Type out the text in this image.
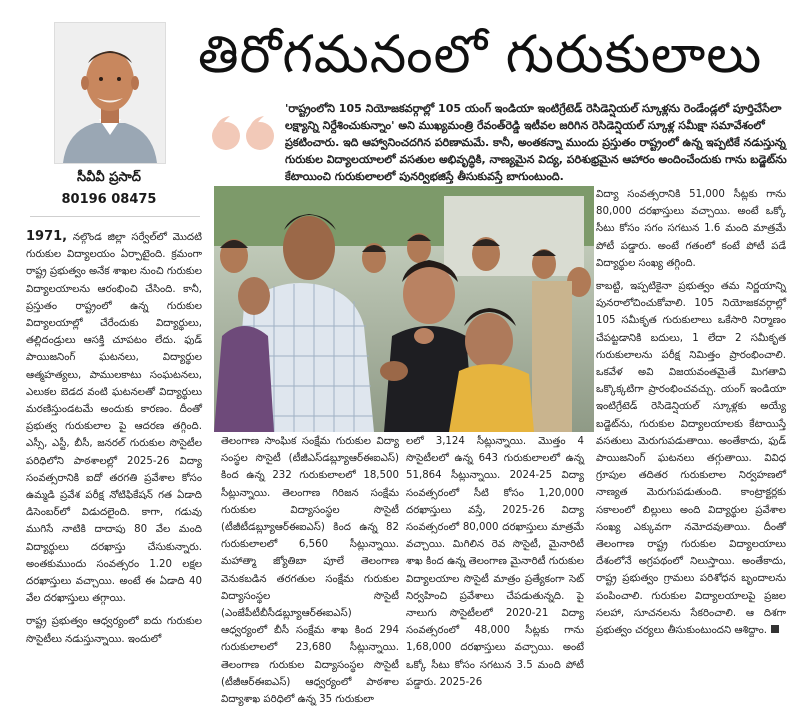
తిరోగమనంలో గురుకులాలు
సీవీవీ ప్రసాద్
80196 08475
'రాష్ట్రంలోని 105 నియోజకవర్గాల్లో 105 యంగ్ ఇండియా ఇంటిగ్రేటెడ్ రెసిడెన్షియల్ స్కూళ్లను రెండేండ్లలో పూర్తిచేసేలా లక్ష్యాన్ని నిర్దేశించుకున్నాం' అని ముఖ్యమంత్రి రేవంత్‌రెడ్డి ఇటీవల జరిగిన రెసిడెన్షియల్ స్కూళ్ల సమీక్షా సమావేశంలో ప్రకటించారు. ఇది ఆహ్వానించదగిన పరిణామమే. కానీ, అంతకన్నా ముందు ప్రస్తుతం రాష్ట్రంలో ఉన్న ఇప్పటికే నడుస్తున్న గురుకుల విద్యాలయాలలో వసతుల అభివృద్ధికి, నాణ్యమైన విద్య, పరిశుభ్రమైన ఆహారం అందించేందుకు గాను బడ్జెట్‌ను కేటాయించి గురుకులాలలో పునర్విభజిస్తే తీసుకువస్తే బాగుంటుంది.

1971, నల్గొండ జిల్లా సర్వేల్‌లో మొదటి గురుకుల విద్యాలయం ఏర్పాటైంది. క్రమంగా రాష్ట్ర ప్రభుత్వం అనేక శాఖల నుంచి గురుకుల విద్యాలయాలను ఆరంభించి చేసింది. కానీ, ప్రస్తుతం రాష్ట్రంలో ఉన్న గురుకుల విద్యాలయాల్లో చేరేందుకు విద్యార్థులు, తల్లిదండ్రులు ఆసక్తి చూపటం లేదు. ఫుడ్ పాయిజనింగ్ ఘటనలు, విద్యార్థుల ఆత్మహత్యలు, పాములకాటు సంఘటనలు, ఎలుకల బెడద వంటి ఘటనలతో విద్యార్థులు మరణిస్తుండటమే అందుకు కారణం. దీంతో ప్రభుత్వ గురుకులాల పై ఆదరణ తగ్గింది. ఎస్సీ, ఎస్టీ, బీసీ, జనరల్ గురుకుల సొసైటీల పరిధిలోని పాఠశాలల్లో 2025-26 విద్యా సంవత్సరానికి ఐదో తరగతి ప్రవేశాల కోసం ఉమ్మడి ప్రవేశ పరీక్ష నోటిఫికేషన్ గత ఏడాది డిసెంబర్‌లో విడుదలైంది. కాగా, గడువు ముగిసే నాటికి దాదాపు 80 వేల మంది విద్యార్థులు దరఖాస్తు చేసుకున్నారు. అంతకుముందు సంవత్సరం 1.20 లక్షల దరఖాస్తులు వచ్చాయి. అంటే ఈ ఏడాది 40 వేల దరఖాస్తులు తగ్గాయి.

రాష్ట్ర ప్రభుత్వం ఆధ్వర్యంలో ఐదు గురుకుల సొసైటీలు నడుస్తున్నాయి. ఇందులో

తెలంగాణ సాంఘిక సంక్షేమ గురుకుల విద్యా సంస్థల సొసైటీ (టీజీఎస్‌డబ్ల్యూఆర్‌ఈఐఎస్) కింద ఉన్న 232 గురుకులాలలో 18,500 సీట్లున్నాయి. తెలంగాణ గిరిజన సంక్షేమ గురుకుల విద్యాసంస్థల సొసైటీ (టీజీటీడబ్ల్యూఆర్‌ఈఐఎస్) కింద ఉన్న 82 గురుకులాలలో 6,560 సీట్లున్నాయి. మహాత్మా జ్యోతిబా పూలే తెలంగాణ వెనుకబడిన తరగతుల సంక్షేమ గురుకుల విద్యాసంస్థల సొసైటీ (ఎంజేపీటీబీసీడబ్ల్యూఆర్‌ఈఐఎస్) ఆధ్వర్యంలో బీసీ సంక్షేమ శాఖ కింద 294 గురుకులాలలో 23,680 సీట్లున్నాయి. తెలంగాణ గురుకుల విద్యాసంస్థల సొసైటీ (టీజీఆర్‌ఈఐఎస్) ఆధ్వర్యంలో పాఠశాల విద్యాశాఖ పరిధిలో ఉన్న 35 గురుకులా
లలో 3,124 సీట్లున్నాయి. మొత్తం 4 సొసైటీలలో ఉన్న 643 గురుకులాలలో ఉన్న 51,864 సీట్లున్నాయి. 2024-25 విద్యా సంవత్సరంలో సీటి కోసం 1,20,000 దరఖాస్తులు వస్తే, 2025-26 విద్యా సంవత్సరంలో 80,000 దరఖాస్తులు మాత్రమే వచ్చాయి. మిగిలిన రెవ సొసైటీ, మైనారిటీ శాఖ కింద ఉన్న తెలంగాణ మైనారిటీ గురుకుల విద్యాలయాల సొసైటీ మాత్రం ప్రత్యేకంగా సెట్ నిర్వహించి ప్రవేశాలు చేపడుతున్నది. పై నాలుగు సొసైటీలలో 2020-21 విద్యా సంవత్సరంలో 48,000 సీట్లకు గాను 1,68,000 దరఖాస్తులు వచ్చాయి. అంటే ఒక్కో సీటు కోసం సగటున 3.5 మంది పోటీ పడ్డారు. 2025-26

విద్యా సంవత్సరానికి 51,000 సీట్లకు గాను 80,000 దరఖాస్తులు వచ్చాయి. అంటే ఒక్కో సీటు కోసం సగం సగటున 1.6 మంది మాత్రమే పోటీ పడ్డారు. అంటే గతంలో కంటే పోటీ పడే విద్యార్థుల సంఖ్య తగ్గింది.

కాబట్టి, ఇప్పటికైనా ప్రభుత్వం తమ నిర్ణయాన్ని పునరాలోచించుకోవాలి. 105 నియోజకవర్గాల్లో 105 సమీకృత గురుకులాలు ఒకేసారి నిర్మాణం చేపట్టడానికి బదులు, 1 లేదా 2 సమీకృత గురుకులాలను పరీక్ష నిమిత్తం ప్రారంభించాలి. ఒకవేళ అవి విజయవంతమైతే మిగతావి ఒక్కొక్కటిగా ప్రారంభించవచ్చు. యంగ్ ఇండియా ఇంటిగ్రేటెడ్ రెసిడెన్షియల్ స్కూళ్లకు అయ్యే బడ్జెట్‌ను, గురుకుల విద్యాలయాలకు కేటాయిస్తే వసతులు మెరుగుపడుతాయి. అంతేకాదు, ఫుడ్ పాయిజనింగ్ ఘటనలు తగ్గుతాయి. వివిధ గ్రూపుల తదితర గురుకులాల నిర్వహణలో నాణ్యత మెరుగుపడుతుంది. కాంట్రాక్టర్లకు సకాలంలో బిల్లులు అంది విద్యార్థుల ప్రవేశాల సంఖ్య ఎక్కువగా నమోదవుతాయి. దీంతో తెలంగాణ రాష్ట్ర గురుకుల విద్యాలయాలు దేశంలోనే అగ్రపథంలో నిలుస్తాయి. అంతేకాదు, రాష్ట్ర ప్రభుత్వం గ్రామలు పరిశోధన బృందాలను పంపించాలి. గురుకుల విద్యాలయాలపై ప్రజల సలహా, సూచనలను సేకరించాలి. ఆ దిశగా ప్రభుత్వం చర్యలు తీసుకుంటుందని ఆశిద్దాం.
